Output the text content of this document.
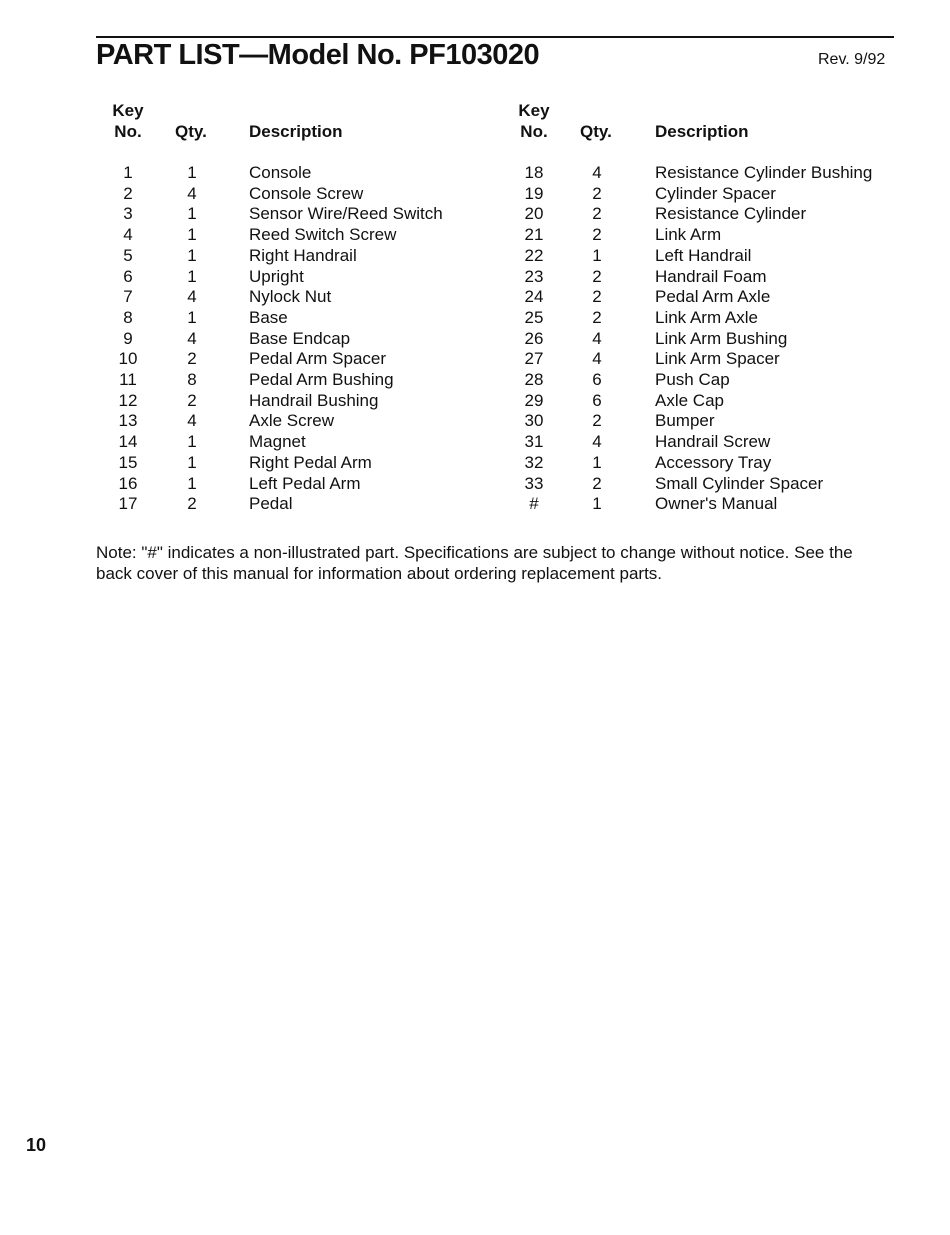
PART LIST—Model No. PF103020	Rev. 9/92
Key
No.	Qty. Description
Key
No.	Qty.	Description
1	1	Console
2	4	Console Screw
3	1	Sensor Wire/Reed Switch
4	1	Reed Switch Screw
5	1	Right Handrail
6	1	Upright
7	4	Nylock Nut
8	1	Base
9	4	Base Endcap
10	2	Pedal Arm Spacer
11	8	Pedal Arm Bushing
12	2	Handrail Bushing
13	4	Axle Screw
14	1	Magnet
15	1	Right Pedal Arm
16	1	Left Pedal Arm
17	2	Pedal
18	4	Resistance Cylinder Bushing
19	2	Cylinder Spacer
20	2	Resistance Cylinder
21	2	Link Arm
22	1	Left Handrail
23	2	Handrail Foam
24	2	Pedal Arm Axle
25	2	Link Arm Axle
26	4	Link Arm Bushing
27	4	Link Arm Spacer
28	6	Push Cap
29	6	Axle Cap
30	2	Bumper
31	4	Handrail Screw
32	1	Accessory Tray
33	2	Small Cylinder Spacer
#	1	Owner's Manual
Note: "#" indicates a non-illustrated part. Specifications are subject to change without notice. See the
back cover of this manual for information about ordering replacement parts.
10
